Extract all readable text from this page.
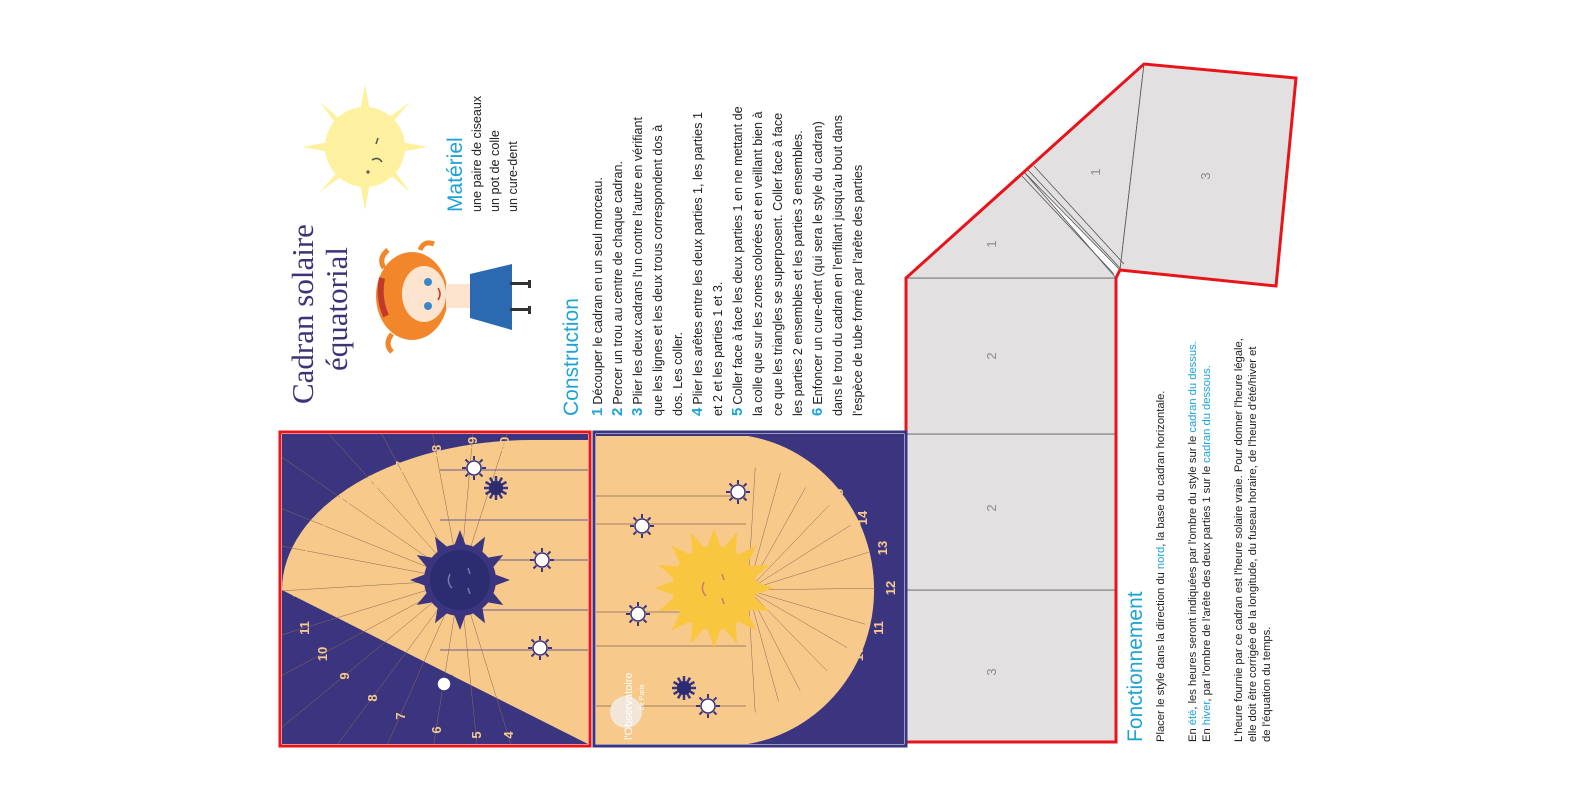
Cadran solaire équatorial
Matériel une paire de ciseaux un pot de colle un cure-dent
Construction 1Découper le cadran en un seul morceau.
2Percer un trou au centre de chaque cadran.
3Plier les deux cadrans l'un contre l'autre en vérifiant que les lignes et les deux trous correspondent dos à dos. Les coller. 4Plier les arêtes entre les deux parties 1, les parties 1 et 2 et les parties 1 et 3. 5Coller face à face les deux parties 1 en ne mettant de la colle que sur les zones colorées et en veillant bien à ce que les triangles se superposent. Coller face à face les parties 2 ensembles et les parties 3 ensembles. 6Enfoncer un cure-dent (qui sera le style du cadran) dans le trou du cadran en l'enfilant jusqu'au bout dans l'espèce de tube formé par l'arête des parties
Fonctionnement Placer le style dans la direction du nord, la base du cadran horizontale.
En été, les heures seront indiquées par l'ombre du style sur le cadran du dessus.
En hiver, par l'ombre de l'arête des deux parties 1 sur le cadran du dessous. L'heure fournie par ce cadran est l'heure solaire vraie. Pour donner l'heure légale, elle doit être corrigée de la longitude, du fuseau horaire, de l'heure d'été/hiver et de l'équation du temps.
3
2
2
1
1
3
4
5
6
7
8
9
10
11
12
13
14
15
16
17
18
19 20
6
7
8
9
10
11
12
13
14
15
16
17
18
l'Observatoire de Paris
